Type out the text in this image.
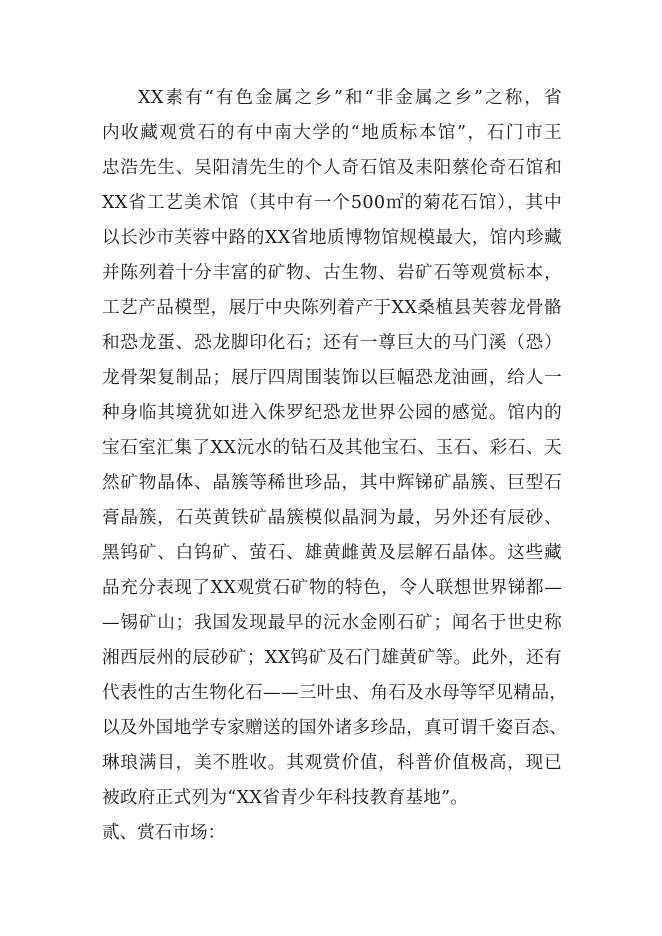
XX素有“有色金属之乡”和“非金属之乡”之称，省
内收藏观赏石的有中南大学的“地质标本馆”，石门市王
忠浩先生、吴阳清先生的个人奇石馆及耒阳蔡伦奇石馆和
XX省工艺美术馆（其中有一个500㎡的菊花石馆），其中
以长沙市芙蓉中路的XX省地质博物馆规模最大，馆内珍藏
并陈列着十分丰富的矿物、古生物、岩矿石等观赏标本，
工艺产品模型，展厅中央陈列着产于XX桑植县芙蓉龙骨骼
和恐龙蛋、恐龙脚印化石；还有一尊巨大的马门溪（恐）
龙骨架复制品；展厅四周围装饰以巨幅恐龙油画，给人一
种身临其境犹如进入侏罗纪恐龙世界公园的感觉。馆内的
宝石室汇集了XX沅水的钻石及其他宝石、玉石、彩石、天
然矿物晶体、晶簇等稀世珍品，其中辉锑矿晶簇、巨型石
膏晶簇，石英黄铁矿晶簇模似晶洞为最，另外还有辰砂、
黑钨矿、白钨矿、萤石、雄黄雌黄及层解石晶体。这些藏
品充分表现了XX观赏石矿物的特色，令人联想世界锑都—
—锡矿山；我国发现最早的沅水金刚石矿；闻名于世史称
湘西辰州的辰砂矿；XX钨矿及石门雄黄矿等。此外，还有
代表性的古生物化石——三叶虫、角石及水母等罕见精品，
以及外国地学专家赠送的国外诸多珍品，真可谓千姿百态、
琳琅满目，美不胜收。其观赏价值，科普价值极高，现已
被政府正式列为“XX省青少年科技教育基地”。
贰、赏石市场：
